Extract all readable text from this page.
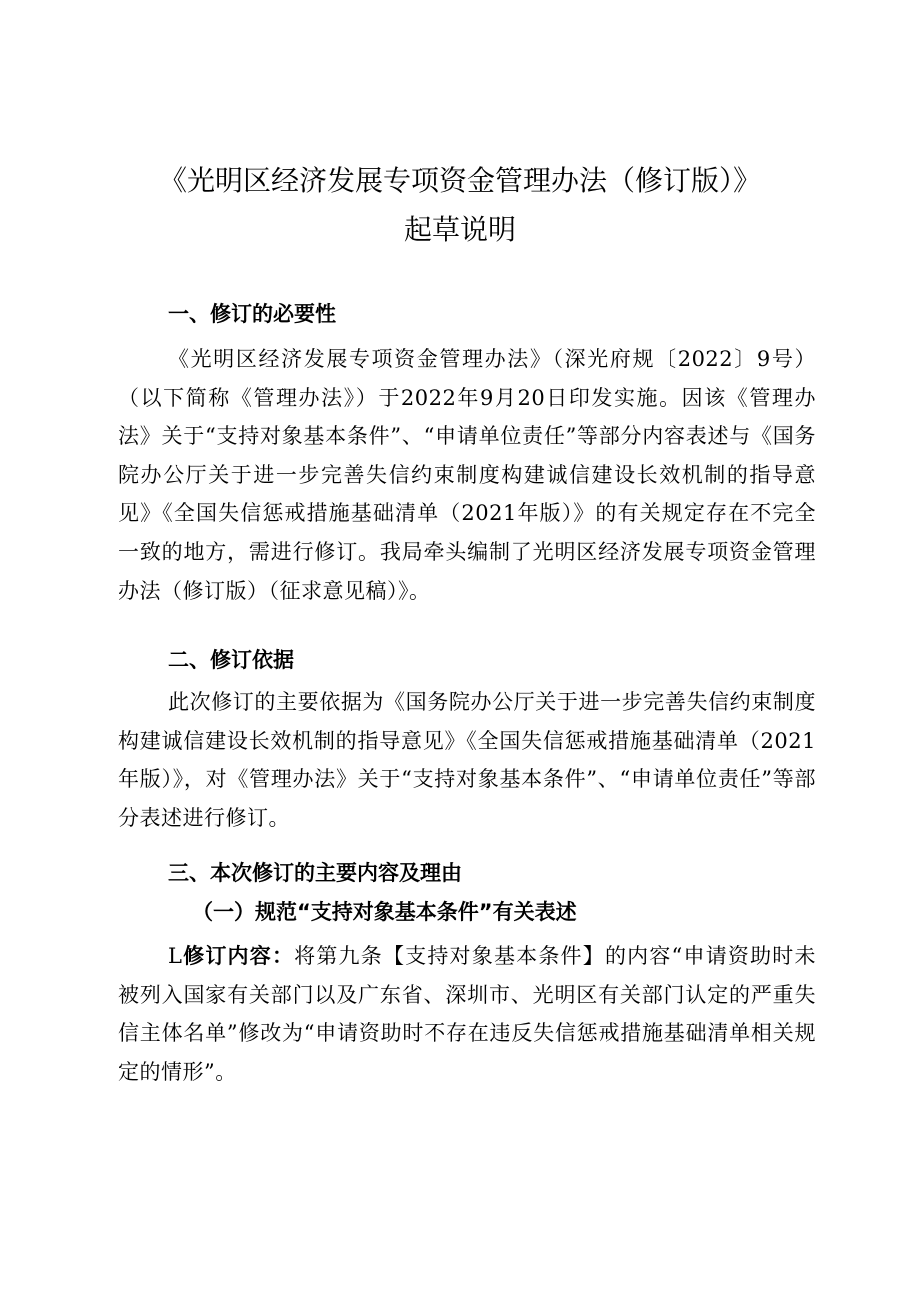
《光明区经济发展专项资金管理办法（修订版）》
起草说明
一、修订的必要性
《光明区经济发展专项资金管理办法》（深光府规〔2022〕9号）（以下简称《管理办法》）于2022年9月20日印发实施。因该《管理办法》关于“支持对象基本条件”、“申请单位责任”等部分内容表述与《国务院办公厅关于进一步完善失信约束制度构建诚信建设长效机制的指导意见》《全国失信惩戒措施基础清单（2021年版）》的有关规定存在不完全一致的地方，需进行修订。我局牵头编制了光明区经济发展专项资金管理办法（修订版）（征求意见稿）》。
二、修订依据
此次修订的主要依据为《国务院办公厅关于进一步完善失信约束制度构建诚信建设长效机制的指导意见》《全国失信惩戒措施基础清单（2021年版）》，对《管理办法》关于“支持对象基本条件”、“申请单位责任”等部分表述进行修订。
三、本次修订的主要内容及理由
（一）规范“支持对象基本条件”有关表述
L修订内容：将第九条【支持对象基本条件】的内容“申请资助时未被列入国家有关部门以及广东省、深圳市、光明区有关部门认定的严重失信主体名单”修改为“申请资助时不存在违反失信惩戒措施基础清单相关规定的情形”。
